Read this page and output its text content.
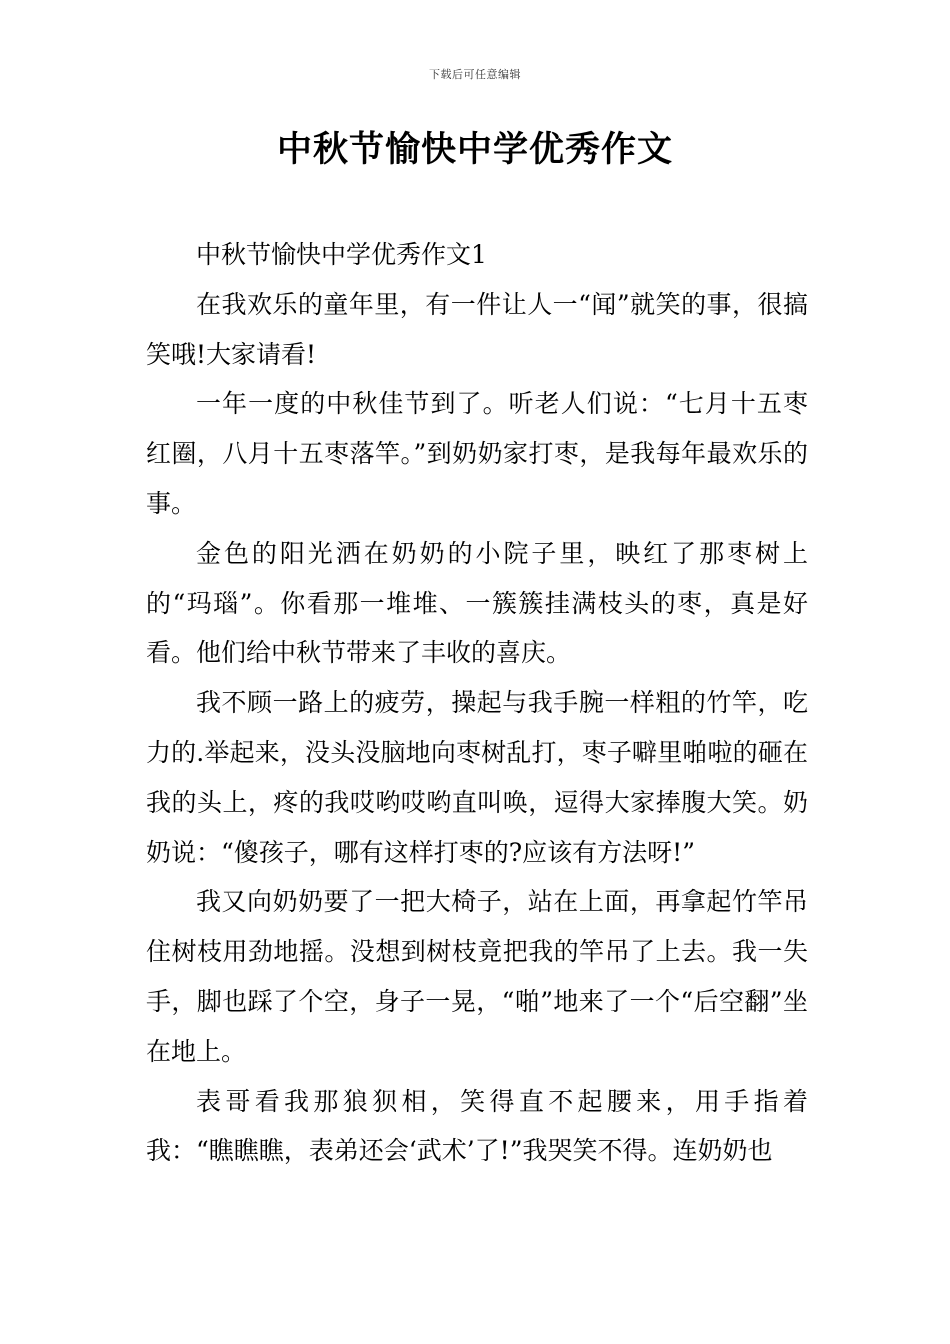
下载后可任意编辑
中秋节愉快中学优秀作文

中秋节愉快中学优秀作文1

在我欢乐的童年里，有一件让人一“闻”就笑的事，很搞笑哦!大家请看!

一年一度的中秋佳节到了。听老人们说：“七月十五枣红圈，八月十五枣落竿。”到奶奶家打枣，是我每年最欢乐的事。

金色的阳光洒在奶奶的小院子里，映红了那枣树上的“玛瑙”。你看那一堆堆、一簇簇挂满枝头的枣，真是好看。他们给中秋节带来了丰收的喜庆。

我不顾一路上的疲劳，操起与我手腕一样粗的竹竿，吃力的.举起来，没头没脑地向枣树乱打，枣子噼里啪啦的砸在我的头上，疼的我哎哟哎哟直叫唤，逗得大家捧腹大笑。奶奶说：“傻孩子，哪有这样打枣的?应该有方法呀!”

我又向奶奶要了一把大椅子，站在上面，再拿起竹竿吊住树枝用劲地摇。没想到树枝竟把我的竿吊了上去。我一失手，脚也踩了个空，身子一晃，“啪”地来了一个“后空翻”坐在地上。

表哥看我那狼狈相，笑得直不起腰来，用手指着我：“瞧瞧瞧，表弟还会‘武术’了!”我哭笑不得。连奶奶也
